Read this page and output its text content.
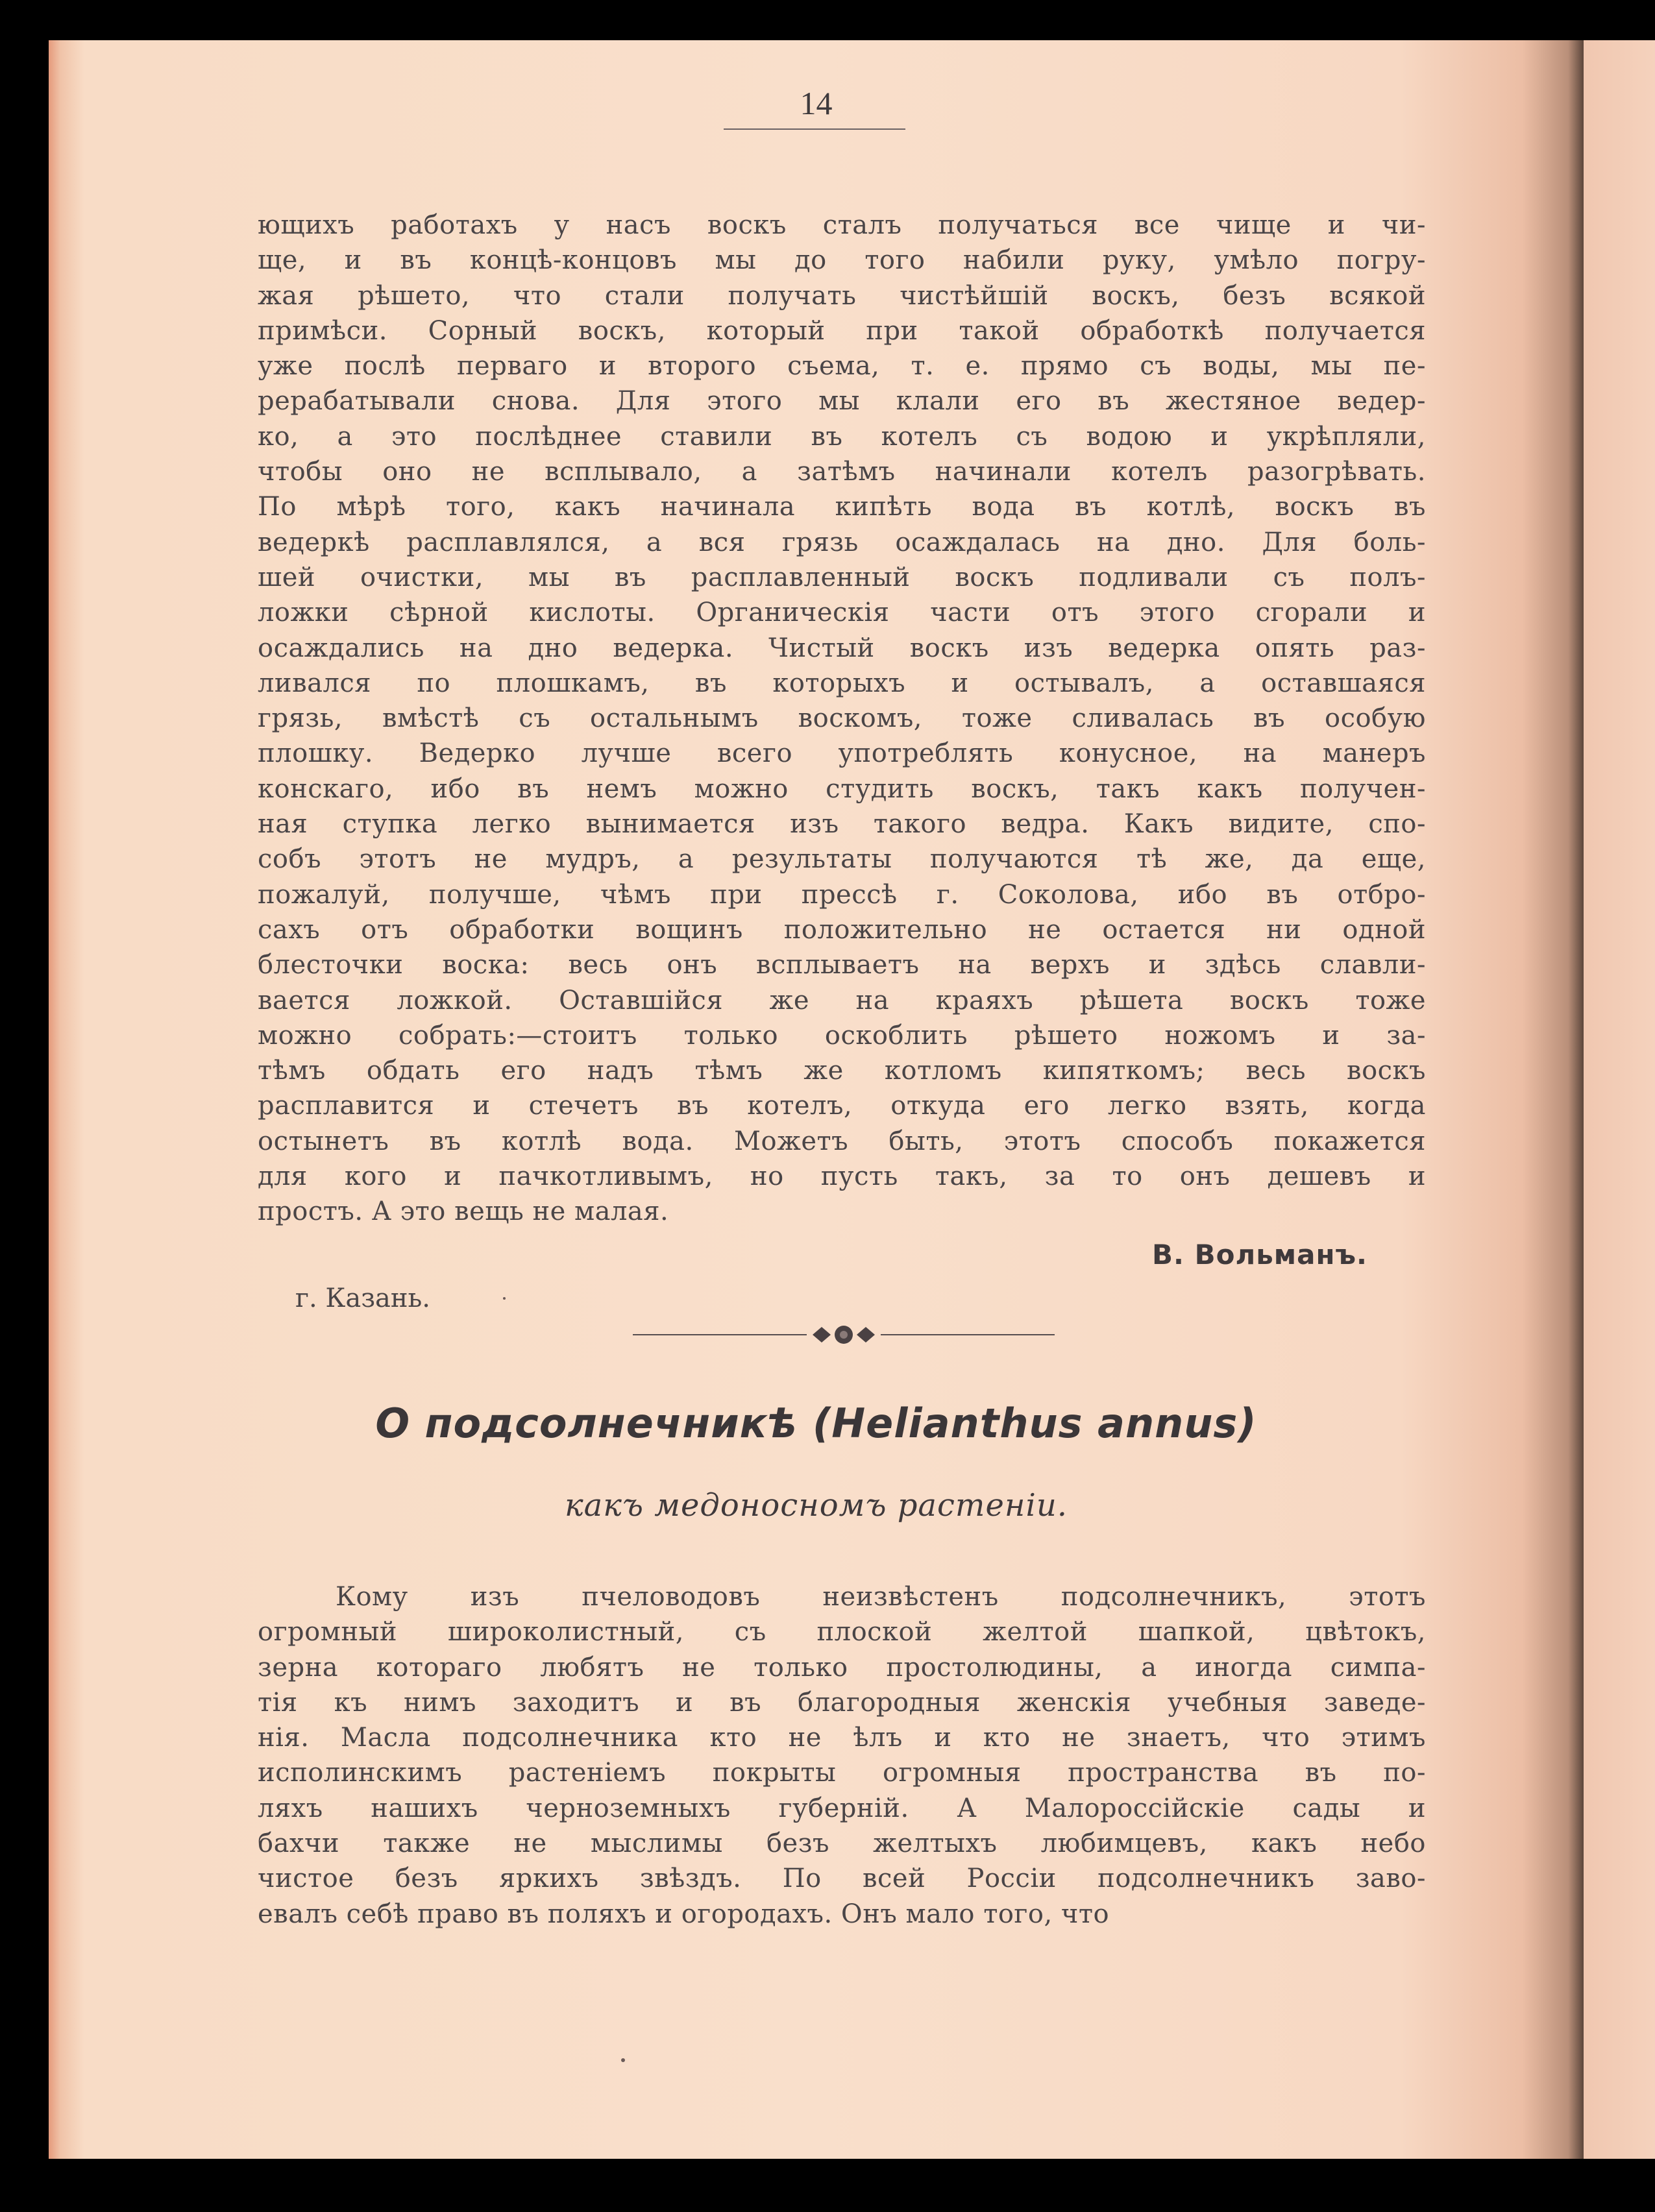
14
ющихъ работахъ у насъ воскъ сталъ получаться все чище и чи-
ще, и въ концѣ-концовъ мы до того набили руку, умѣло погру-
жая рѣшето, что стали получать чистѣйшій воскъ, безъ всякой
примѣси. Сорный воскъ, который при такой обработкѣ получается
уже послѣ перваго и второго съема, т. е. прямо съ воды, мы пе-
рерабатывали снова. Для этого мы клали его въ жестяное ведер-
ко, а это послѣднее ставили въ котелъ съ водою и укрѣпляли,
чтобы оно не всплывало, а затѣмъ начинали котелъ разогрѣвать.
По мѣрѣ того, какъ начинала кипѣть вода въ котлѣ, воскъ въ
ведеркѣ расплавлялся, а вся грязь осаждалась на дно. Для боль-
шей очистки, мы въ расплавленный воскъ подливали съ полъ-
ложки сѣрной кислоты. Органическія части отъ этого сгорали и
осаждались на дно ведерка. Чистый воскъ изъ ведерка опять раз-
ливался по плошкамъ, въ которыхъ и остывалъ, а оставшаяся
грязь, вмѣстѣ съ остальнымъ воскомъ, тоже сливалась въ особую
плошку. Ведерко лучше всего употреблять конусное, на манеръ
конскаго, ибо въ немъ можно студить воскъ, такъ какъ получен-
ная ступка легко вынимается изъ такого ведра. Какъ видите, спо-
собъ этотъ не мудръ, а результаты получаются тѣ же, да еще,
пожалуй, получше, чѣмъ при прессѣ г. Соколова, ибо въ отбро-
сахъ отъ обработки вощинъ положительно не остается ни одной
блесточки воска: весь онъ всплываетъ на верхъ и здѣсь славли-
вается ложкой. Оставшійся же на краяхъ рѣшета воскъ тоже
можно собрать:—стоитъ только оскоблить рѣшето ножомъ и за-
тѣмъ обдать его надъ тѣмъ же котломъ кипяткомъ; весь воскъ
расплавится и стечетъ въ котелъ, откуда его легко взять, когда
остынетъ въ котлѣ вода. Можетъ быть, этотъ способъ покажется
для кого и пачкотливымъ, но пусть такъ, за то онъ дешевъ и
простъ. А это вещь не малая.
В. Вольманъ.
г. Казань.
О подсолнечникѣ (Helianthus annus)
какъ медоносномъ растеніи.
Кому изъ пчеловодовъ неизвѣстенъ подсолнечникъ, этотъ
огромный широколистный, съ плоской желтой шапкой, цвѣтокъ,
зерна котораго любятъ не только простолюдины, а иногда симпа-
тія къ нимъ заходитъ и въ благородныя женскія учебныя заведе-
нія. Масла подсолнечника кто не ѣлъ и кто не знаетъ, что этимъ
исполинскимъ растеніемъ покрыты огромныя пространства въ по-
ляхъ нашихъ черноземныхъ губерній. А Малороссійскіе сады и
бахчи также не мыслимы безъ желтыхъ любимцевъ, какъ небо
чистое безъ яркихъ звѣздъ. По всей Россіи подсолнечникъ заво-
евалъ себѣ право въ поляхъ и огородахъ. Онъ мало того, что
